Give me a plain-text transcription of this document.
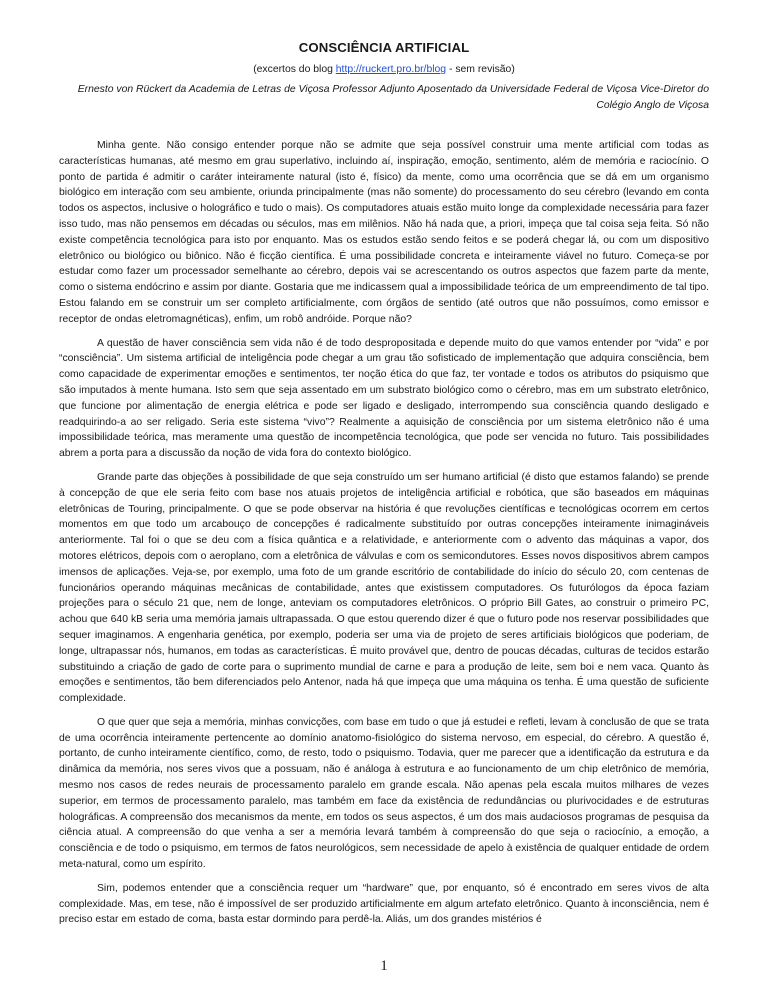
CONSCIÊNCIA ARTIFICIAL
(excertos do blog http://ruckert.pro.br/blog - sem revisão)
Ernesto von Rückert da Academia de Letras de Viçosa Professor Adjunto Aposentado da Universidade Federal de Viçosa Vice-Diretor do Colégio Anglo de Viçosa

Minha gente. Não consigo entender porque não se admite que seja possível construir uma mente artificial com todas as características humanas, até mesmo em grau superlativo, incluindo aí, inspiração, emoção, sentimento, além de memória e raciocínio. O ponto de partida é admitir o caráter inteiramente natural (isto é, físico) da mente, como uma ocorrência que se dá em um organismo biológico em interação com seu ambiente, oriunda principalmente (mas não somente) do processamento do seu cérebro (levando em conta todos os aspectos, inclusive o holográfico e tudo o mais). Os computadores atuais estão muito longe da complexidade necessária para fazer isso tudo, mas não pensemos em décadas ou séculos, mas em milênios. Não há nada que, a priori, impeça que tal coisa seja feita. Só não existe competência tecnológica para isto por enquanto. Mas os estudos estão sendo feitos e se poderá chegar lá, ou com um dispositivo eletrônico ou biológico ou biônico. Não é ficção científica. É uma possibilidade concreta e inteiramente viável no futuro. Começa-se por estudar como fazer um processador semelhante ao cérebro, depois vai se acrescentando os outros aspectos que fazem parte da mente, como o sistema endócrino e assim por diante. Gostaria que me indicassem qual a impossibilidade teórica de um empreendimento de tal tipo. Estou falando em se construir um ser completo artificialmente, com órgãos de sentido (até outros que não possuímos, como emissor e receptor de ondas eletromagnéticas), enfim, um robô andróide. Porque não?

A questão de haver consciência sem vida não é de todo despropositada e depende muito do que vamos entender por “vida” e por “consciência”. Um sistema artificial de inteligência pode chegar a um grau tão sofisticado de implementação que adquira consciência, bem como capacidade de experimentar emoções e sentimentos, ter noção ética do que faz, ter vontade e todos os atributos do psiquismo que são imputados à mente humana. Isto sem que seja assentado em um substrato biológico como o cérebro, mas em um substrato eletrônico, que funcione por alimentação de energia elétrica e pode ser ligado e desligado, interrompendo sua consciência quando desligado e readquirindo-a ao ser religado. Seria este sistema “vivo”? Realmente a aquisição de consciência por um sistema eletrônico não é uma impossibilidade teórica, mas meramente uma questão de incompetência tecnológica, que pode ser vencida no futuro. Tais possibilidades abrem a porta para a discussão da noção de vida fora do contexto biológico.

Grande parte das objeções à possibilidade de que seja construído um ser humano artificial (é disto que estamos falando) se prende à concepção de que ele seria feito com base nos atuais projetos de inteligência artificial e robótica, que são baseados em máquinas eletrônicas de Touring, principalmente. O que se pode observar na história é que revoluções científicas e tecnológicas ocorrem em certos momentos em que todo um arcabouço de concepções é radicalmente substituído por outras concepções inteiramente inimagináveis anteriormente. Tal foi o que se deu com a física quântica e a relatividade, e anteriormente com o advento das máquinas a vapor, dos motores elétricos, depois com o aeroplano, com a eletrônica de válvulas e com os semicondutores. Esses novos dispositivos abrem campos imensos de aplicações. Veja-se, por exemplo, uma foto de um grande escritório de contabilidade do início do século 20, com centenas de funcionários operando máquinas mecânicas de contabilidade, antes que existissem computadores. Os futurólogos da época faziam projeções para o século 21 que, nem de longe, anteviam os computadores eletrônicos. O próprio Bill Gates, ao construir o primeiro PC, achou que 640 kB seria uma memória jamais ultrapassada. O que estou querendo dizer é que o futuro pode nos reservar possibilidades que sequer imaginamos. A engenharia genética, por exemplo, poderia ser uma via de projeto de seres artificiais biológicos que poderiam, de longe, ultrapassar nós, humanos, em todas as características. É muito provável que, dentro de poucas décadas, culturas de tecidos estarão substituindo a criação de gado de corte para o suprimento mundial de carne e para a produção de leite, sem boi e nem vaca. Quanto às emoções e sentimentos, tão bem diferenciados pelo Antenor, nada há que impeça que uma máquina os tenha. É uma questão de suficiente complexidade.

O que quer que seja a memória, minhas convicções, com base em tudo o que já estudei e refleti, levam à conclusão de que se trata de uma ocorrência inteiramente pertencente ao domínio anatomo-fisiológico do sistema nervoso, em especial, do cérebro. A questão é, portanto, de cunho inteiramente científico, como, de resto, todo o psiquismo. Todavia, quer me parecer que a identificação da estrutura e da dinâmica da memória, nos seres vivos que a possuam, não é análoga à estrutura e ao funcionamento de um chip eletrônico de memória, mesmo nos casos de redes neurais de processamento paralelo em grande escala. Não apenas pela escala muitos milhares de vezes superior, em termos de processamento paralelo, mas também em face da existência de redundâncias ou plurivocidades e de estruturas holográficas. A compreensão dos mecanismos da mente, em todos os seus aspectos, é um dos mais audaciosos programas de pesquisa da ciência atual. A compreensão do que venha a ser a memória levará também à compreensão do que seja o raciocínio, a emoção, a consciência e de todo o psiquismo, em termos de fatos neurológicos, sem necessidade de apelo à existência de qualquer entidade de ordem meta-natural, como um espírito.

Sim, podemos entender que a consciência requer um “hardware” que, por enquanto, só é encontrado em seres vivos de alta complexidade. Mas, em tese, não é impossível de ser produzido artificialmente em algum artefato eletrônico. Quanto à inconsciência, nem é preciso estar em estado de coma, basta estar dormindo para perdê-la. Aliás, um dos grandes mistérios é

1
